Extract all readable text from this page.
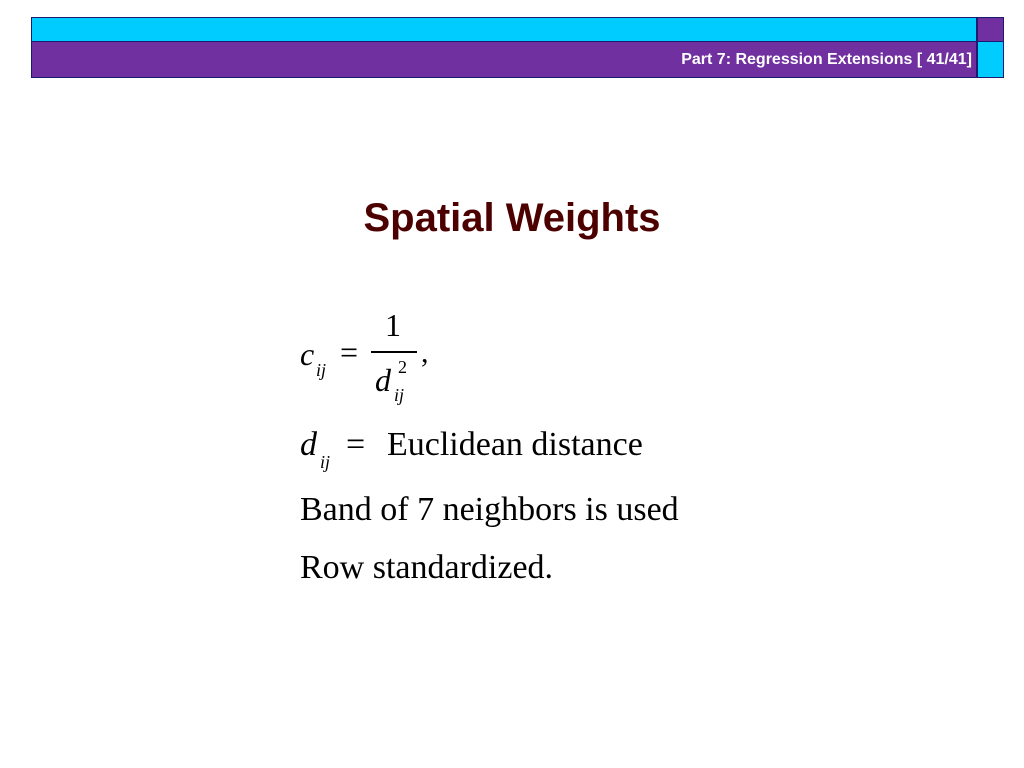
Part 7: Regression Extensions [ 41/41]
Spatial Weights
c ij =
1
d 2
ij
,
d ij = Euclidean distance
Band of 7 neighbors is used
Row standardized.
